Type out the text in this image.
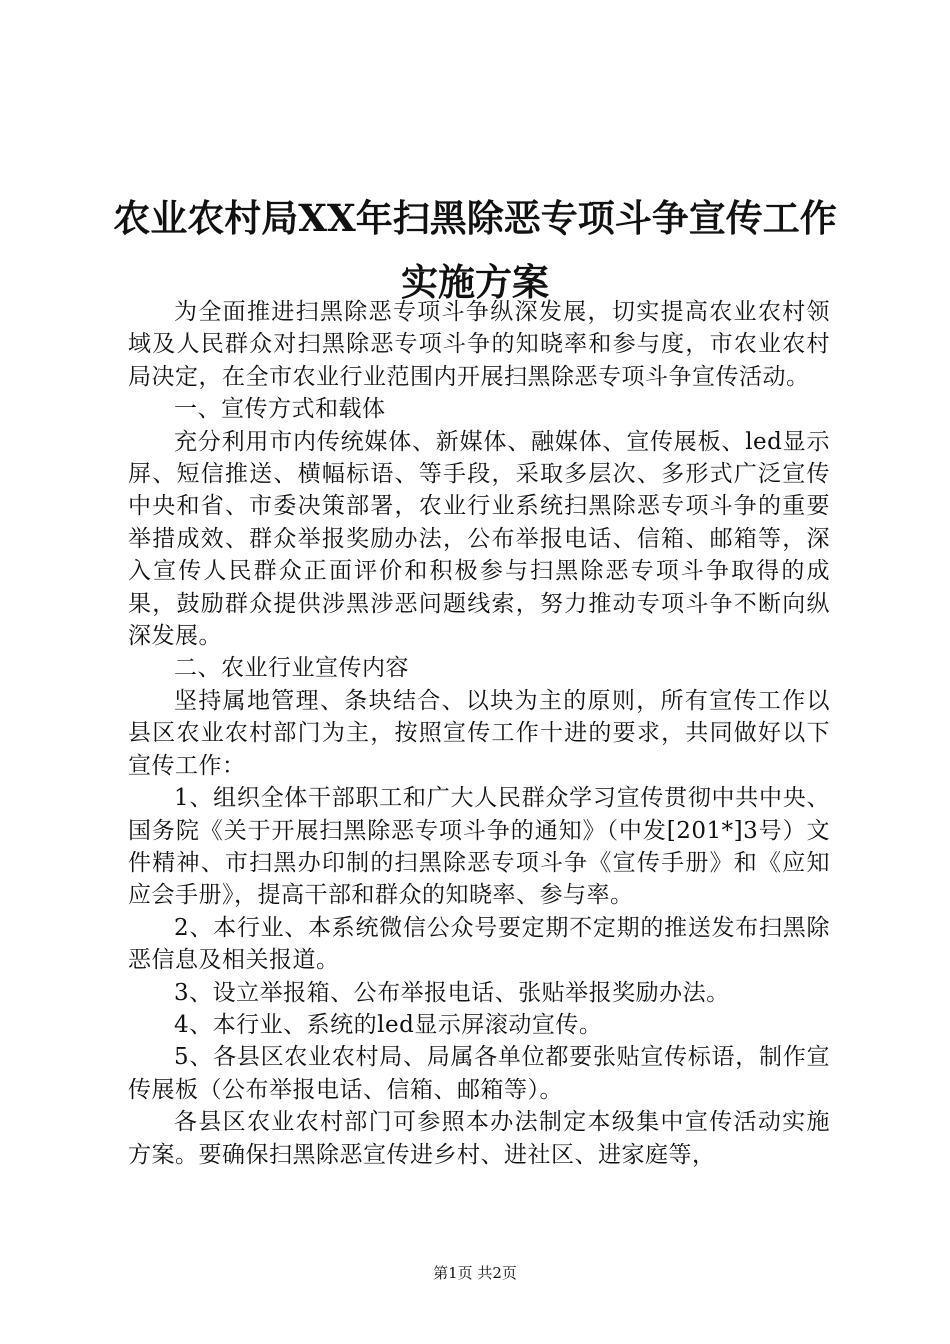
农业农村局XX年扫黑除恶专项斗争宣传工作
实施方案

为全面推进扫黑除恶专项斗争纵深发展，切实提高农业农村领域及人民群众对扫黑除恶专项斗争的知晓率和参与度，市农业农村局决定，在全市农业行业范围内开展扫黑除恶专项斗争宣传活动。

一、宣传方式和载体

充分利用市内传统媒体、新媒体、融媒体、宣传展板、led显示屏、短信推送、横幅标语、等手段，采取多层次、多形式广泛宣传中央和省、市委决策部署，农业行业系统扫黑除恶专项斗争的重要举措成效、群众举报奖励办法，公布举报电话、信箱、邮箱等，深入宣传人民群众正面评价和积极参与扫黑除恶专项斗争取得的成果，鼓励群众提供涉黑涉恶问题线索，努力推动专项斗争不断向纵深发展。

二、农业行业宣传内容

坚持属地管理、条块结合、以块为主的原则，所有宣传工作以县区农业农村部门为主，按照宣传工作十进的要求，共同做好以下宣传工作：

1、组织全体干部职工和广大人民群众学习宣传贯彻中共中央、国务院《关于开展扫黑除恶专项斗争的通知》（中发[201*]3号）文件精神、市扫黑办印制的扫黑除恶专项斗争《宣传手册》和《应知应会手册》，提高干部和群众的知晓率、参与率。

2、本行业、本系统微信公众号要定期不定期的推送发布扫黑除恶信息及相关报道。

3、设立举报箱、公布举报电话、张贴举报奖励办法。

4、本行业、系统的led显示屏滚动宣传。

5、各县区农业农村局、局属各单位都要张贴宣传标语，制作宣传展板（公布举报电话、信箱、邮箱等）。

各县区农业农村部门可参照本办法制定本级集中宣传活动实施方案。要确保扫黑除恶宣传进乡村、进社区、进家庭等，

第1页 共2页
